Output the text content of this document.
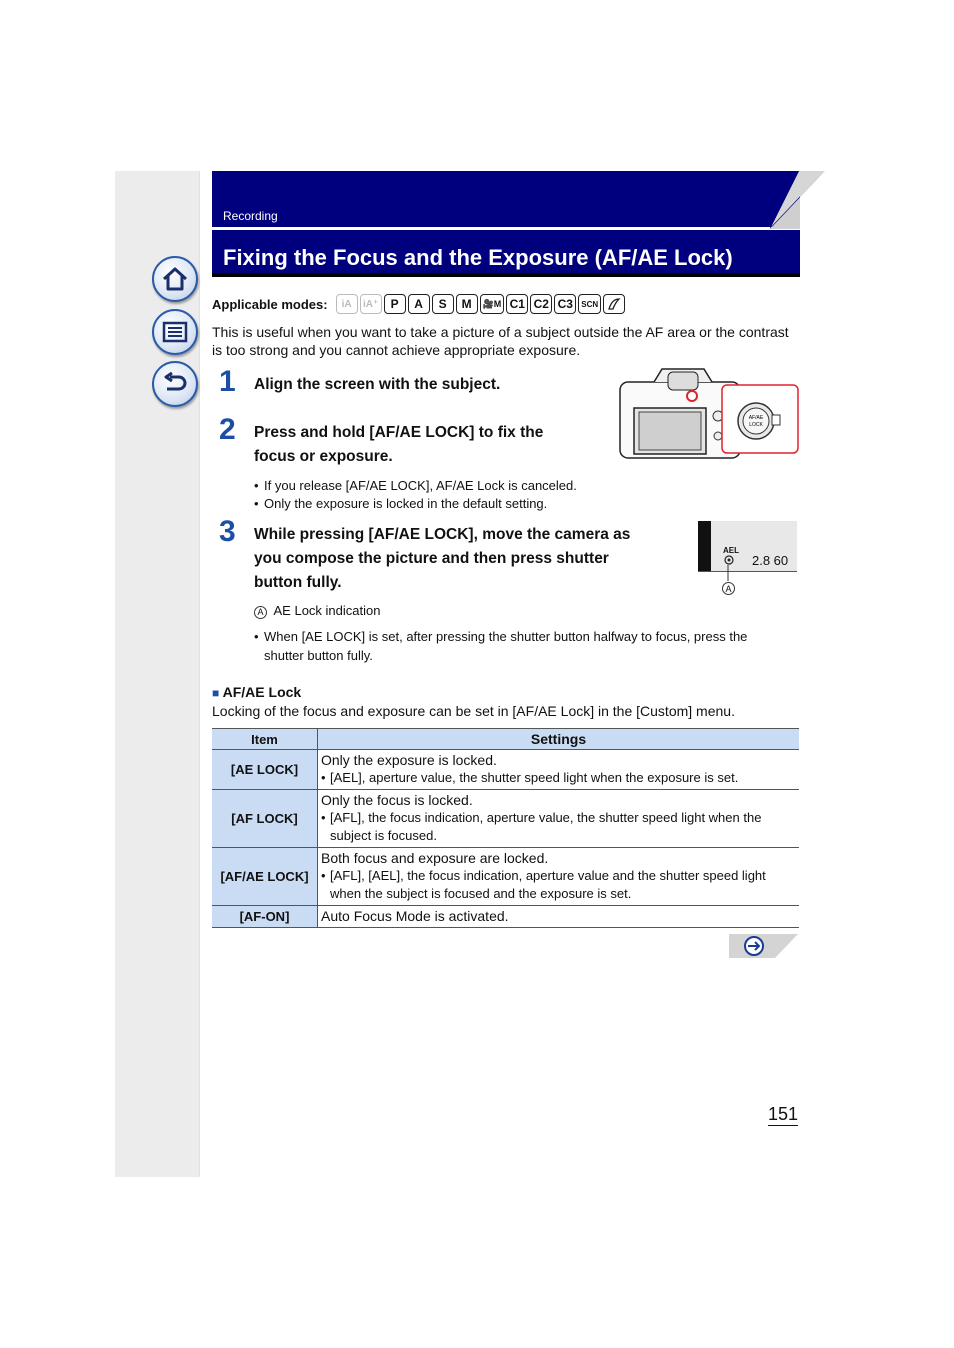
Recording
Fixing the Focus and the Exposure (AF/AE Lock)
Applicable modes:	iA	iA⁺	P	A	S	M	🎥M C1 C2 C3	SCN
This is useful when you want to take a picture of a subject outside the AF area or the contrast is too strong and you cannot achieve appropriate exposure.
1 Align the screen with the subject.
AF/AE
LOCK
2 Press and hold [AF/AE LOCK] to fix the
focus or exposure.
• If you release [AF/AE LOCK], AF/AE Lock is canceled.
• Only the exposure is locked in the default setting.
3 While pressing [AF/AE LOCK], move the camera as
you compose the picture and then press shutter
button fully.
AEL
2.8 60
A
A AE Lock indication
• When [AE LOCK] is set, after pressing the shutter button halfway to focus, press the
shutter button fully.
■ AF/AE Lock
Locking of the focus and exposure can be set in [AF/AE Lock] in the [Custom] menu.
Item	Settings
[AE LOCK]	Only the exposure is locked.
• [AEL], aperture value, the shutter speed light when the exposure is set.

[AF LOCK]	Only the focus is locked.
• [AFL], the focus indication, aperture value, the shutter speed light when the subject is focused.

[AF/AE LOCK]	Both focus and exposure are locked.
• [AFL], [AEL], the focus indication, aperture value and the shutter speed light when the subject is focused and the exposure is set.

[AF-ON]	Auto Focus Mode is activated.
151
